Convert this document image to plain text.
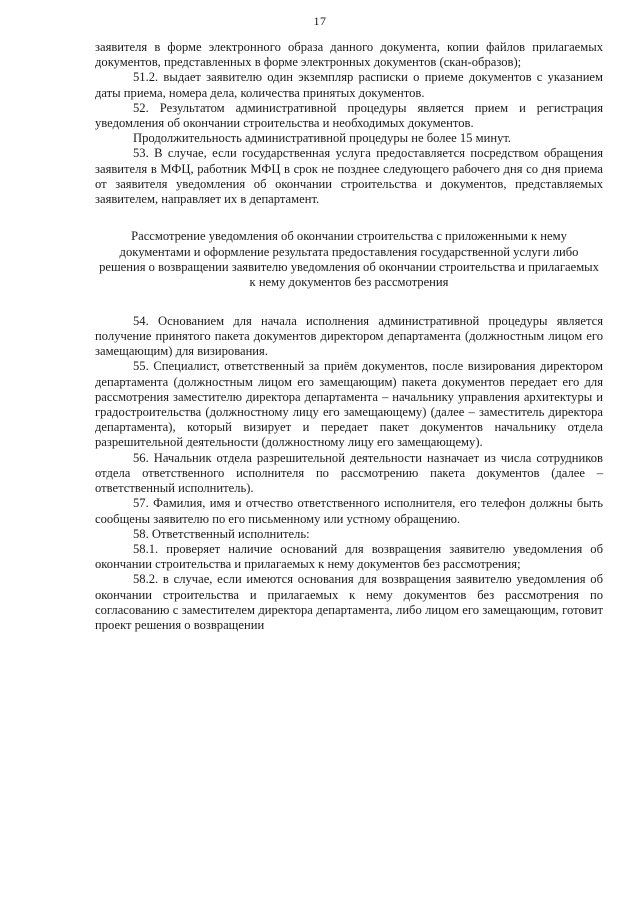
17

заявителя в форме электронного образа данного документа, копии файлов прилагаемых документов, представленных в форме электронных документов (скан-образов);

51.2. выдает заявителю один экземпляр расписки о приеме документов с указанием даты приема, номера дела, количества принятых документов.

52. Результатом административной процедуры является прием и регистрация уведомления об окончании строительства и необходимых документов.

Продолжительность административной процедуры не более 15 минут.

53. В случае, если государственная услуга предоставляется посредством обращения заявителя в МФЦ, работник МФЦ в срок не позднее следующего рабочего дня со дня приема от заявителя уведомления об окончании строительства и документов, представляемых заявителем, направляет их в департамент.

Рассмотрение уведомления об окончании строительства с приложенными к нему документами и оформление результата предоставления государственной услуги либо решения о возвращении заявителю уведомления об окончании строительства и прилагаемых к нему документов без рассмотрения

54. Основанием для начала исполнения административной процедуры является получение принятого пакета документов директором департамента (должностным лицом его замещающим) для визирования.

55. Специалист, ответственный за приём документов, после визирования директором департамента (должностным лицом его замещающим) пакета документов передает его для рассмотрения заместителю директора департамента – начальнику управления архитектуры и градостроительства (должностному лицу его замещающему) (далее – заместитель директора департамента), который визирует и передает пакет документов начальнику отдела разрешительной деятельности (должностному лицу его замещающему).

56. Начальник отдела разрешительной деятельности назначает из числа сотрудников отдела ответственного исполнителя по рассмотрению пакета документов (далее – ответственный исполнитель).

57. Фамилия, имя и отчество ответственного исполнителя, его телефон должны быть сообщены заявителю по его письменному или устному обращению.

58. Ответственный исполнитель:

58.1. проверяет наличие оснований для возвращения заявителю уведомления об окончании строительства и прилагаемых к нему документов без рассмотрения;

58.2. в случае, если имеются основания для возвращения заявителю уведомления об окончании строительства и прилагаемых к нему документов без рассмотрения по согласованию с заместителем директора департамента, либо лицом его замещающим, готовит проект решения о возвращении
